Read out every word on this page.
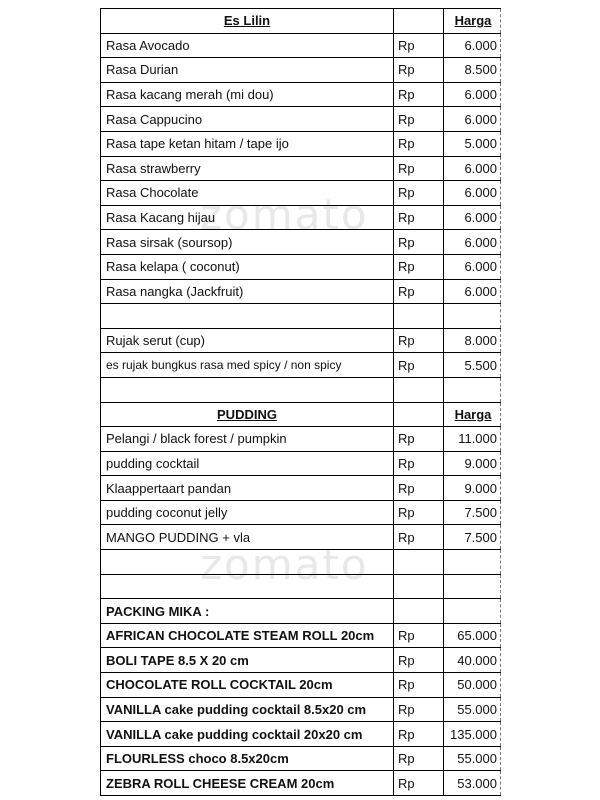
zomato
zomato
Es Lilin		Harga
Rasa Avocado	Rp	6.000
Rasa Durian	Rp	8.500
Rasa kacang merah (mi dou)	Rp	6.000
Rasa Cappucino	Rp	6.000
Rasa tape ketan hitam / tape ijo	Rp	5.000
Rasa strawberry	Rp	6.000
Rasa Chocolate	Rp	6.000
Rasa Kacang hijau	Rp	6.000
Rasa sirsak (soursop)	Rp	6.000
Rasa kelapa ( coconut)	Rp	6.000
Rasa nangka (Jackfruit)	Rp	6.000

Rujak serut (cup)	Rp	8.000
es rujak bungkus rasa med spicy / non spicy	Rp	5.500

PUDDING		Harga
Pelangi / black forest / pumpkin	Rp	11.000
pudding cocktail	Rp	9.000
Klaappertaart pandan	Rp	9.000
pudding coconut jelly	Rp	7.500
MANGO PUDDING + vla	Rp	7.500

PACKING MIKA :		
AFRICAN CHOCOLATE STEAM ROLL 20cm	Rp	65.000
BOLI TAPE 8.5 X 20 cm	Rp	40.000
CHOCOLATE ROLL COCKTAIL 20cm	Rp	50.000
VANILLA cake pudding cocktail 8.5x20 cm	Rp	55.000
VANILLA cake pudding cocktail 20x20 cm	Rp	135.000
FLOURLESS choco 8.5x20cm	Rp	55.000
ZEBRA ROLL CHEESE CREAM 20cm	Rp	53.000
